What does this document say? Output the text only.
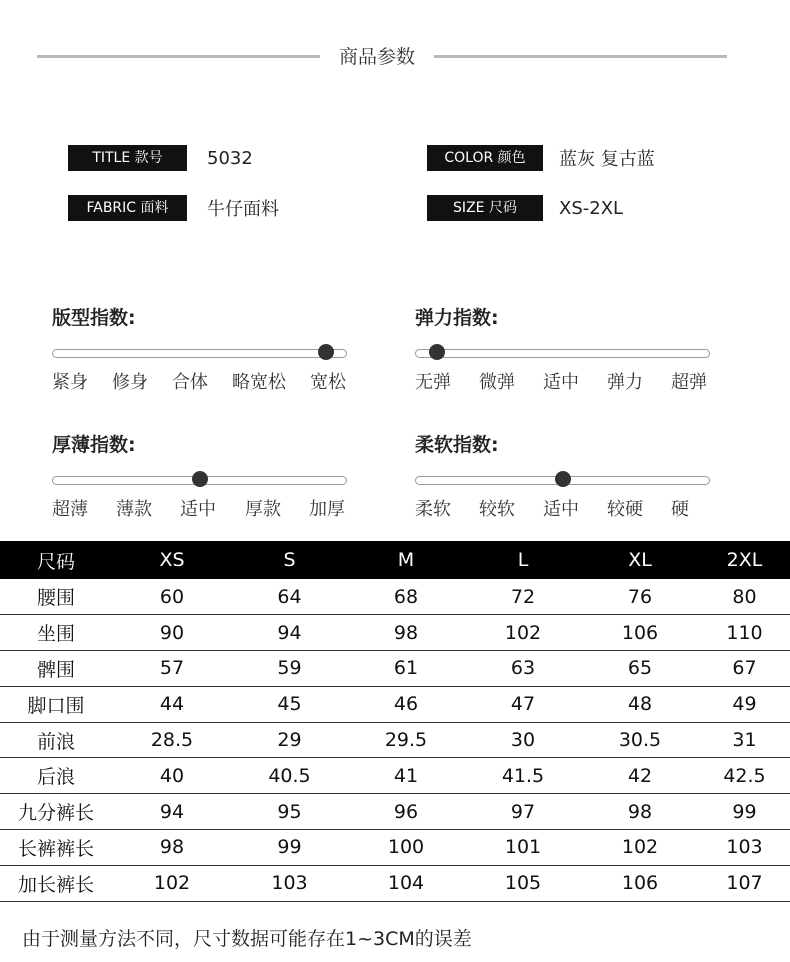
商品参数
TITLE 款号	5032	COLOR 颜色	蓝灰 复古蓝
FABRIC 面料	牛仔面料	SIZE 尺码	XS-2XL
版型指数:
紧身 修身 合体 略宽松 宽松
弹力指数:
无弹 微弹 适中 弹力 超弹
厚薄指数:
超薄 薄款 适中 厚款 加厚
柔软指数:
柔软 较软 适中 较硬 硬
尺码	XS	S	M	L	XL	2XL
腰围	60	64	68	72	76	80
坐围	90	94	98	102	106	110
髀围	57	59	61	63	65	67
脚口围	44	45	46	47	48	49
前浪	28.5	29	29.5	30	30.5	31
后浪	40	40.5	41	41.5	42	42.5
九分裤长	94	95	96	97	98	99
长裤裤长	98	99	100	101	102	103
加长裤长	102	103	104	105	106	107
由于测量方法不同，尺寸数据可能存在1~3CM的误差
